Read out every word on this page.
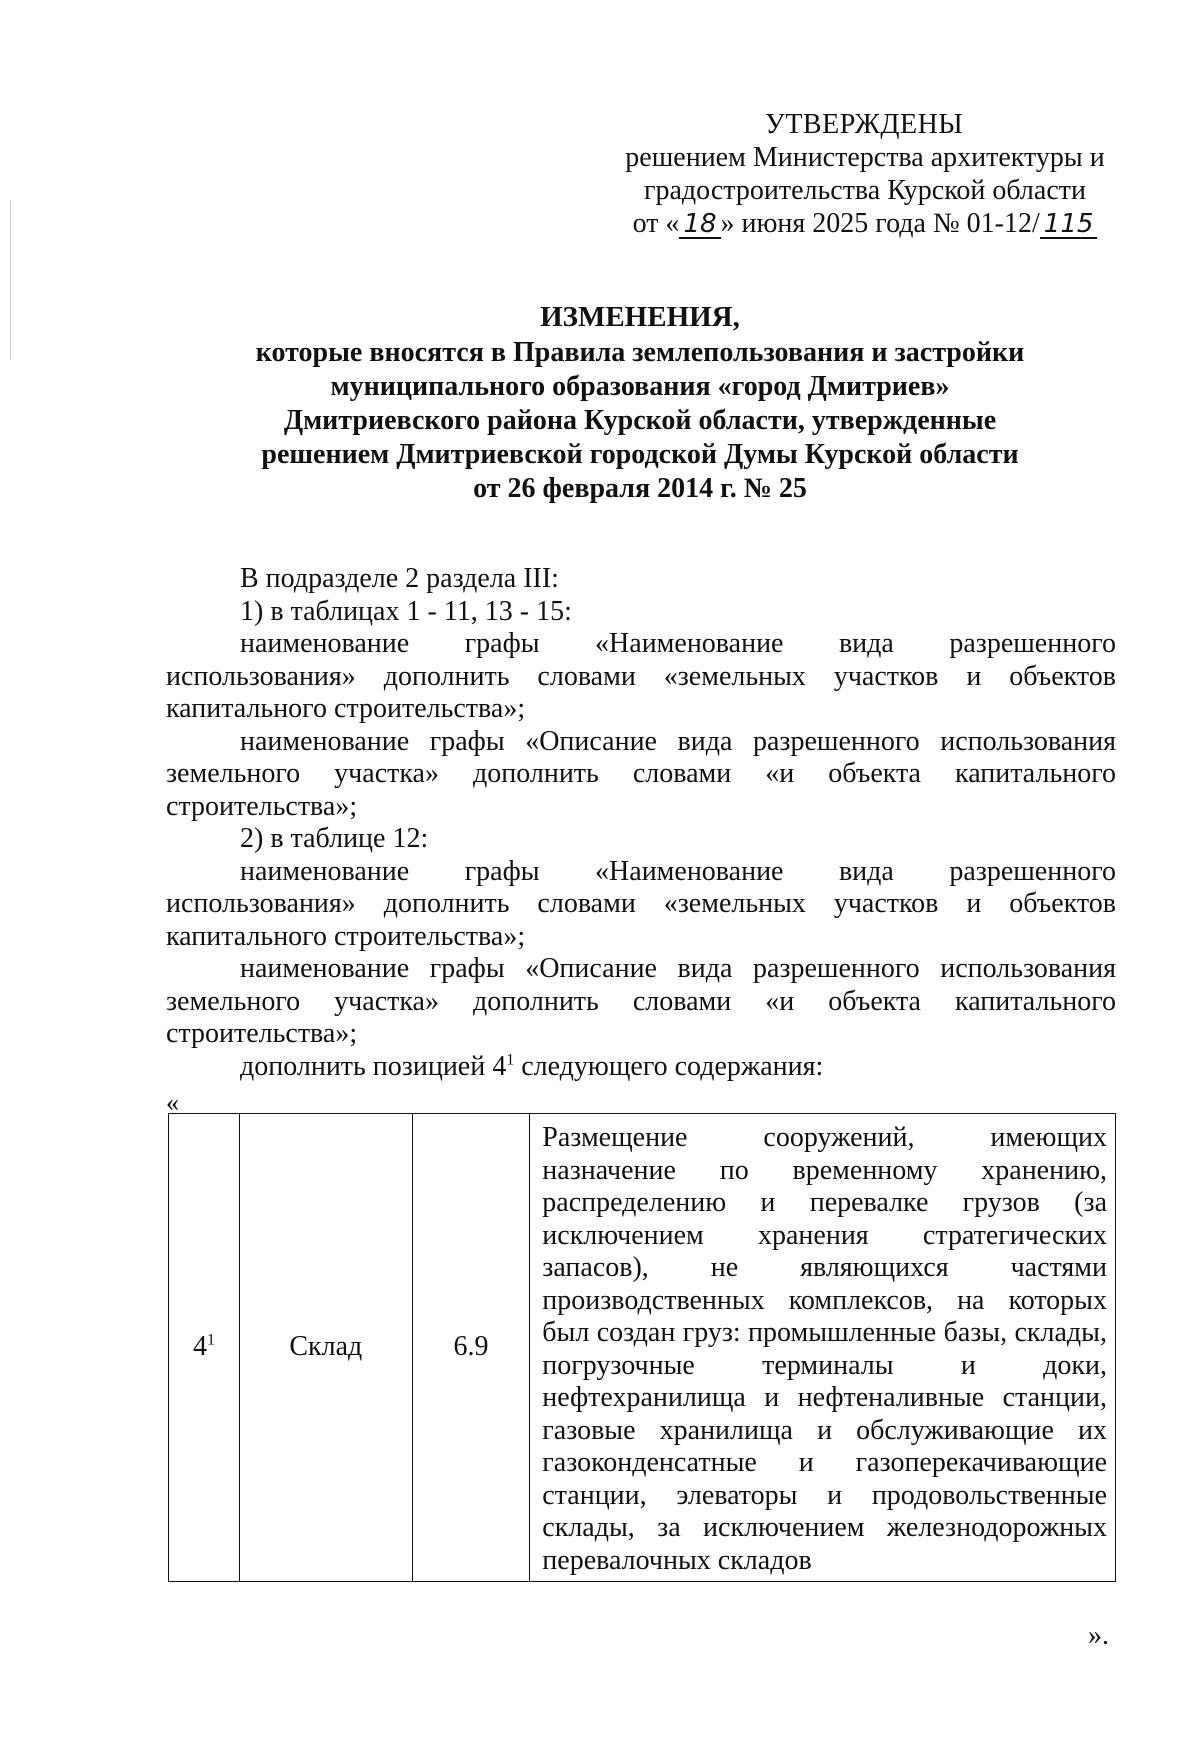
УТВЕРЖДЕНЫ
решением Министерства архитектуры и
градостроительства Курской области
от « 18 » июня 2025 года № 01-12/ 115
ИЗМЕНЕНИЯ,
которые вносятся в Правила землепользования и застройки
муниципального образования «город Дмитриев»
Дмитриевского района Курской области, утвержденные
решением Дмитриевской городской Думы Курской области
от 26 февраля 2014 г. № 25

В подразделе 2 раздела III:

1) в таблицах 1 - 11, 13 - 15:

наименование графы «Наименование вида разрешенного использования» дополнить словами «земельных участков и объектов капитального строительства»;

наименование графы «Описание вида разрешенного использования земельного участка» дополнить словами «и объекта капитального строительства»;

2) в таблице 12:

наименование графы «Наименование вида разрешенного использования» дополнить словами «земельных участков и объектов капитального строительства»;

наименование графы «Описание вида разрешенного использования земельного участка» дополнить словами «и объекта капитального строительства»;

дополнить позицией $4^1$ следующего содержания:

«
$4^1$	Склад	6.9	Размещение сооружений, имеющих назначение по временному хранению, распределению и перевалке грузов (за исключением хранения стратегических запасов), не являющихся частями производственных комплексов, на которых был создан груз: промышленные базы, склады, погрузочные терминалы и доки, нефтехранилища и нефтеналивные станции, газовые хранилища и обслуживающие их газоконденсатные и газоперекачивающие станции, элеваторы и продовольственные склады, за исключением железнодорожных перевалочных складов
».
